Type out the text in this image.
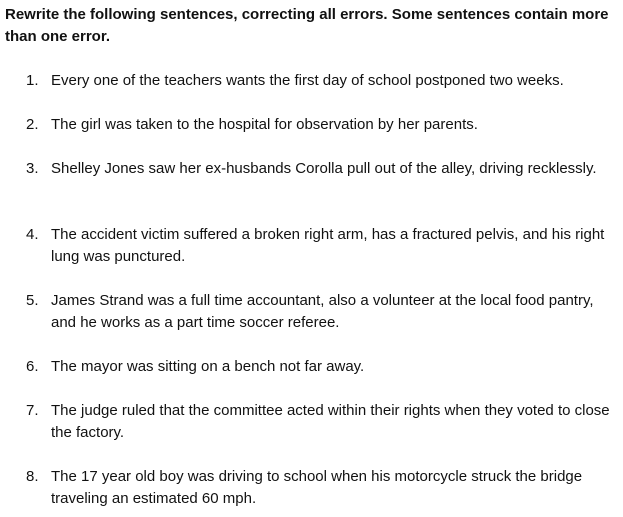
Rewrite the following sentences, correcting all errors. Some sentences contain more than one error.

1. Every one of the teachers wants the first day of school postponed two weeks.
2. The girl was taken to the hospital for observation by her parents.
3. Shelley Jones saw her ex-husbands Corolla pull out of the alley, driving recklessly.
4. The accident victim suffered a broken right arm, has a fractured pelvis, and his right lung was punctured.
5. James Strand was a full time accountant, also a volunteer at the local food pantry, and he works as a part time soccer referee.
6. The mayor was sitting on a bench not far away.
7. The judge ruled that the committee acted within their rights when they voted to close the factory.
8. The 17 year old boy was driving to school when his motorcycle struck the bridge traveling an estimated 60 mph.
